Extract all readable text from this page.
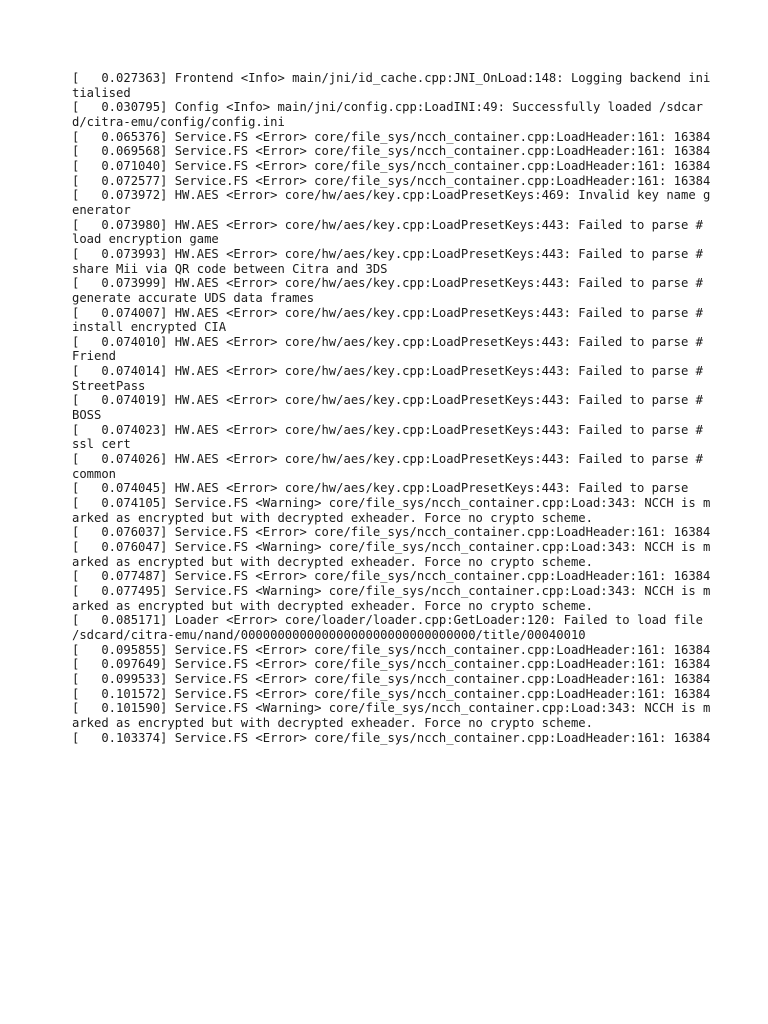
[   0.027363] Frontend <Info> main/jni/id_cache.cpp:JNI_OnLoad:148: Logging backend initialised
[   0.030795] Config <Info> main/jni/config.cpp:LoadINI:49: Successfully loaded /sdcard/citra-emu/config/config.ini
[   0.065376] Service.FS <Error> core/file_sys/ncch_container.cpp:LoadHeader:161: 16384
[   0.069568] Service.FS <Error> core/file_sys/ncch_container.cpp:LoadHeader:161: 16384
[   0.071040] Service.FS <Error> core/file_sys/ncch_container.cpp:LoadHeader:161: 16384
[   0.072577] Service.FS <Error> core/file_sys/ncch_container.cpp:LoadHeader:161: 16384
[   0.073972] HW.AES <Error> core/hw/aes/key.cpp:LoadPresetKeys:469: Invalid key name generator
[   0.073980] HW.AES <Error> core/hw/aes/key.cpp:LoadPresetKeys:443: Failed to parse # load encryption game
[   0.073993] HW.AES <Error> core/hw/aes/key.cpp:LoadPresetKeys:443: Failed to parse # share Mii via QR code between Citra and 3DS
[   0.073999] HW.AES <Error> core/hw/aes/key.cpp:LoadPresetKeys:443: Failed to parse # generate accurate UDS data frames
[   0.074007] HW.AES <Error> core/hw/aes/key.cpp:LoadPresetKeys:443: Failed to parse # install encrypted CIA
[   0.074010] HW.AES <Error> core/hw/aes/key.cpp:LoadPresetKeys:443: Failed to parse # Friend
[   0.074014] HW.AES <Error> core/hw/aes/key.cpp:LoadPresetKeys:443: Failed to parse # StreetPass
[   0.074019] HW.AES <Error> core/hw/aes/key.cpp:LoadPresetKeys:443: Failed to parse # BOSS
[   0.074023] HW.AES <Error> core/hw/aes/key.cpp:LoadPresetKeys:443: Failed to parse # ssl cert
[   0.074026] HW.AES <Error> core/hw/aes/key.cpp:LoadPresetKeys:443: Failed to parse # common
[   0.074045] HW.AES <Error> core/hw/aes/key.cpp:LoadPresetKeys:443: Failed to parse
[   0.074105] Service.FS <Warning> core/file_sys/ncch_container.cpp:Load:343: NCCH is marked as encrypted but with decrypted exheader. Force no crypto scheme.
[   0.076037] Service.FS <Error> core/file_sys/ncch_container.cpp:LoadHeader:161: 16384
[   0.076047] Service.FS <Warning> core/file_sys/ncch_container.cpp:Load:343: NCCH is marked as encrypted but with decrypted exheader. Force no crypto scheme.
[   0.077487] Service.FS <Error> core/file_sys/ncch_container.cpp:LoadHeader:161: 16384
[   0.077495] Service.FS <Warning> core/file_sys/ncch_container.cpp:Load:343: NCCH is marked as encrypted but with decrypted exheader. Force no crypto scheme.
[   0.085171] Loader <Error> core/loader/loader.cpp:GetLoader:120: Failed to load file /sdcard/citra-emu/nand/00000000000000000000000000000000/title/00040010
[   0.095855] Service.FS <Error> core/file_sys/ncch_container.cpp:LoadHeader:161: 16384
[   0.097649] Service.FS <Error> core/file_sys/ncch_container.cpp:LoadHeader:161: 16384
[   0.099533] Service.FS <Error> core/file_sys/ncch_container.cpp:LoadHeader:161: 16384
[   0.101572] Service.FS <Error> core/file_sys/ncch_container.cpp:LoadHeader:161: 16384
[   0.101590] Service.FS <Warning> core/file_sys/ncch_container.cpp:Load:343: NCCH is marked as encrypted but with decrypted exheader. Force no crypto scheme.
[   0.103374] Service.FS <Error> core/file_sys/ncch_container.cpp:LoadHeader:161: 16384
